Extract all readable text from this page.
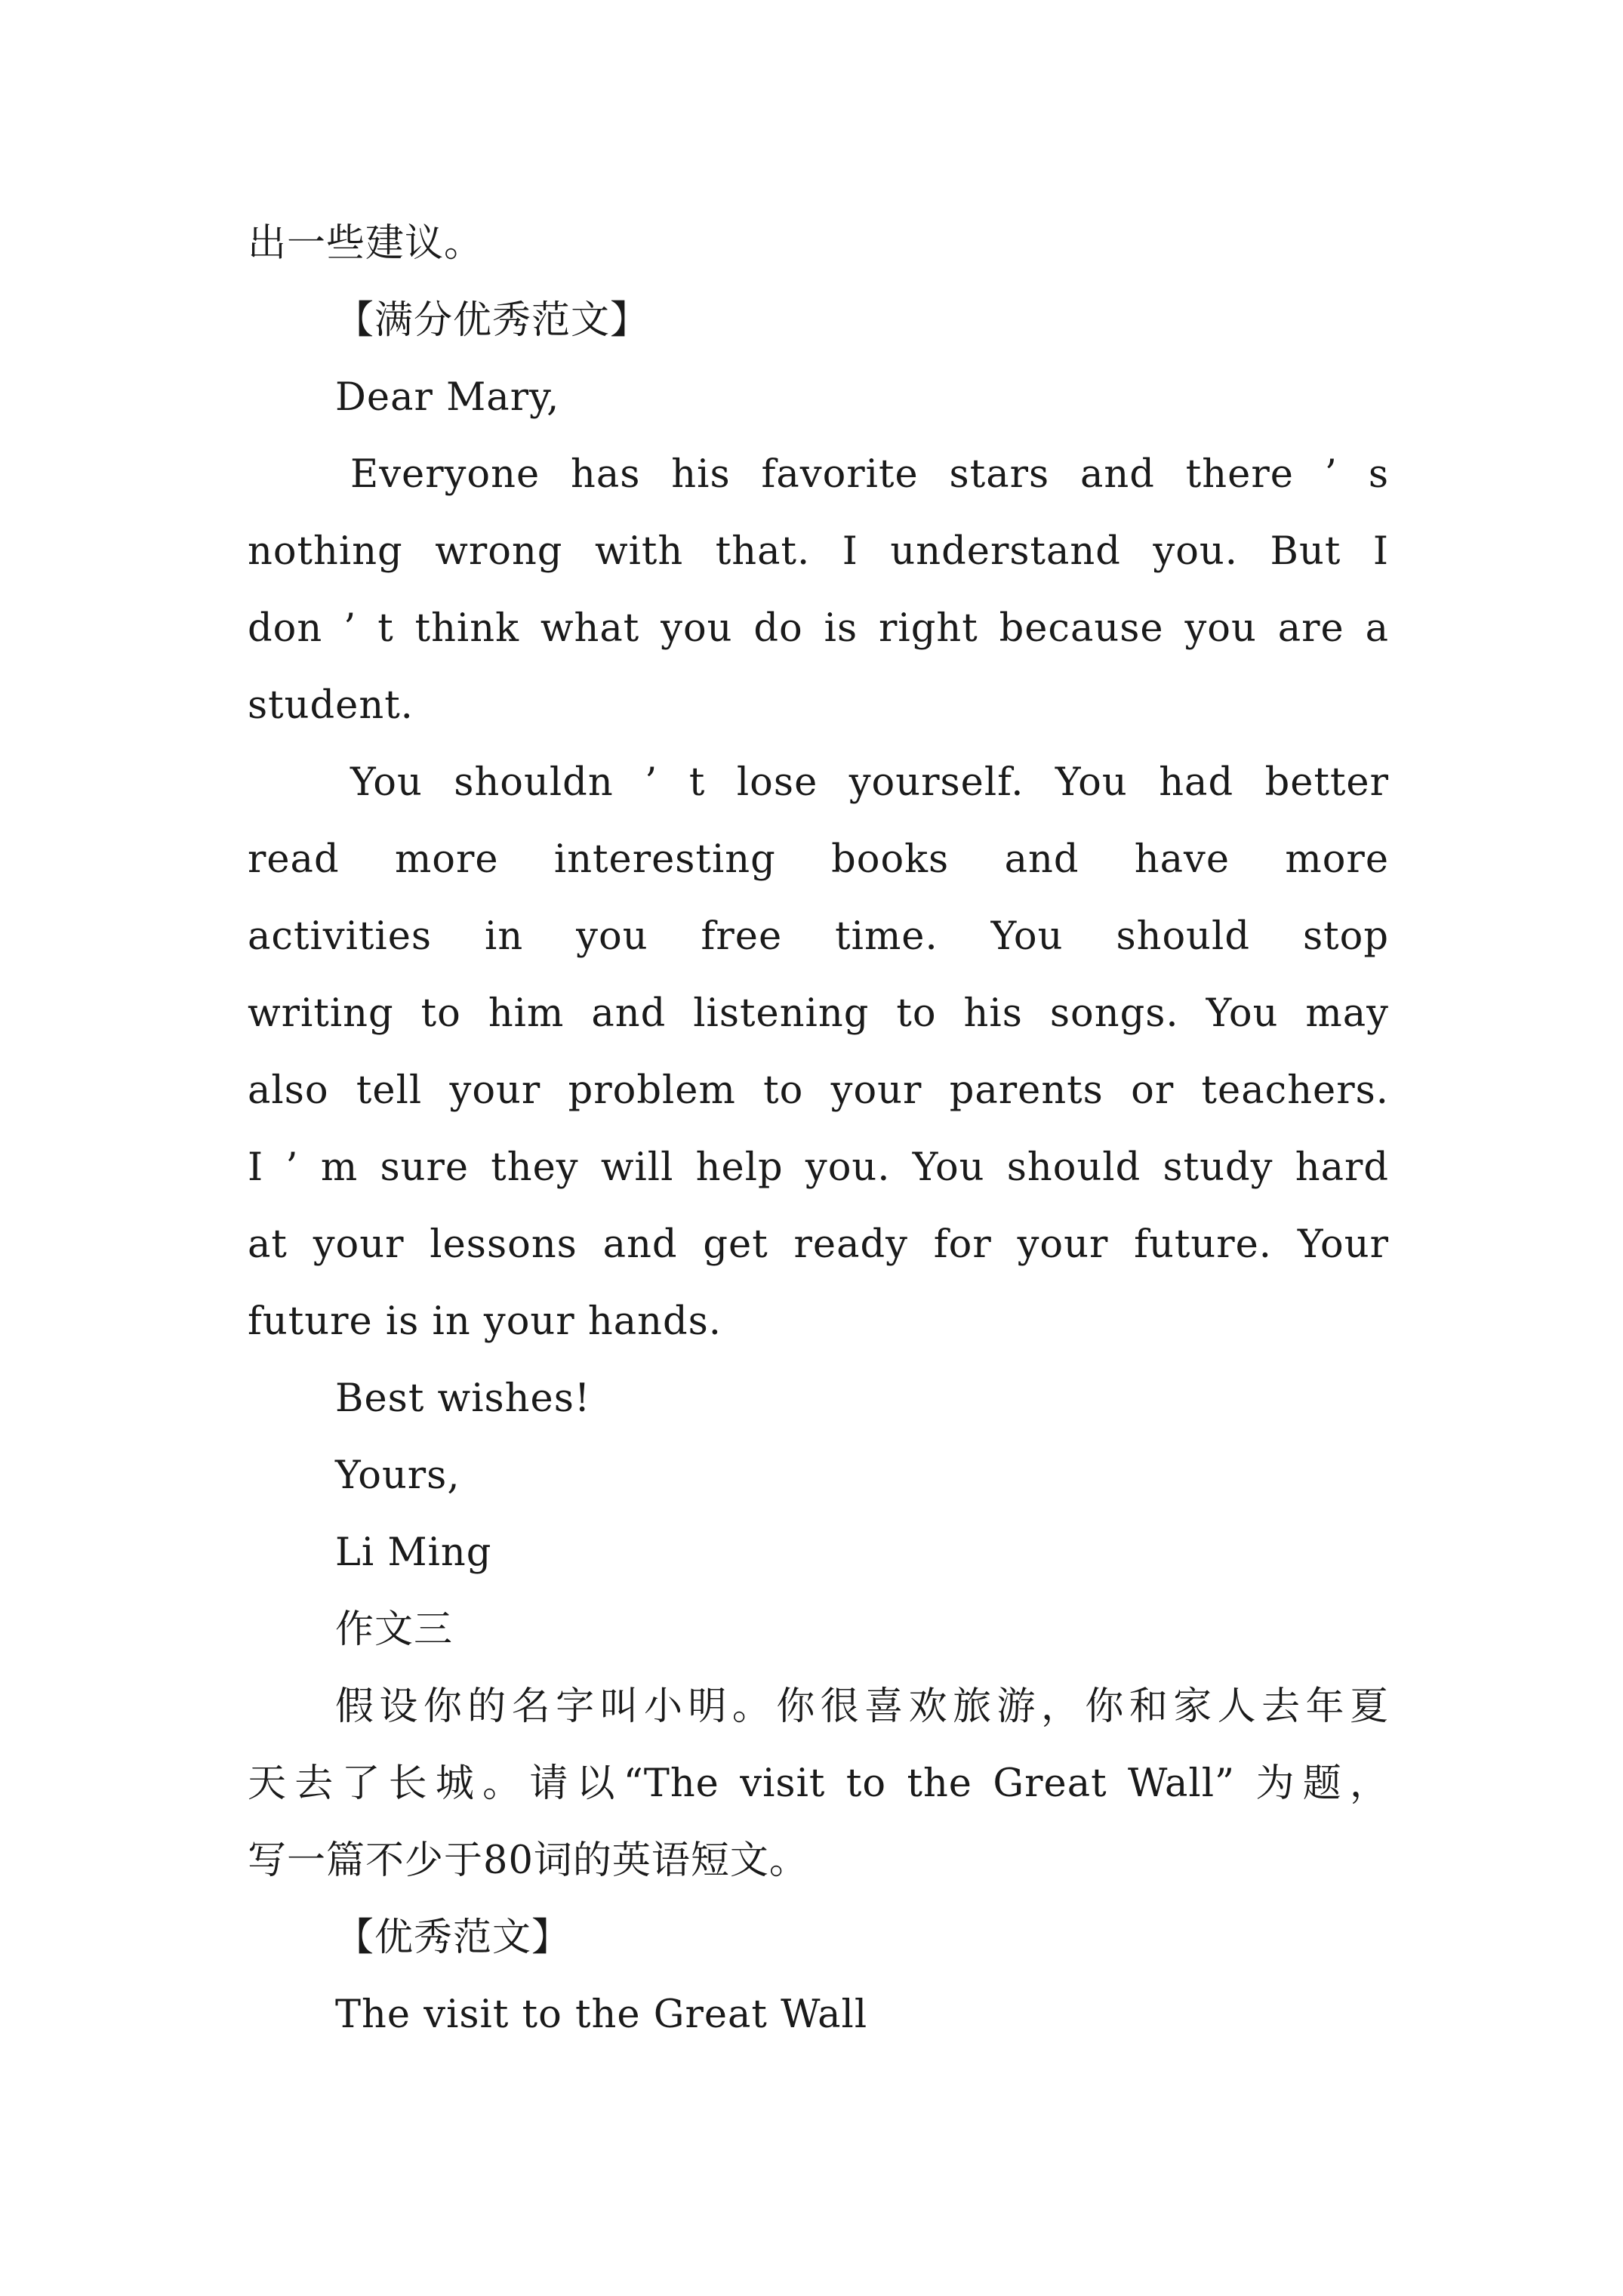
出一些建议。
【满分优秀范文】
Dear Mary,
Everyone has his favorite stars and there ’ s
nothing wrong with that. I understand you. But I
don ’ t think what you do is right because you are a
student.
You shouldn ’ t lose yourself. You had better
read more interesting books and have more
activities in you free time. You should stop
writing to him and listening to his songs. You may
also tell your problem to your parents or teachers.
I ’ m sure they will help you. You should study hard
at your lessons and get ready for your future. Your
future is in your hands.
Best wishes!
Yours,
Li Ming
作文三
假设你的名字叫小明。你很喜欢旅游，你和家人去年夏
天去了长城。请以“The visit to the Great Wall” 为题，
写一篇不少于80词的英语短文。
【优秀范文】
The visit to the Great Wall
